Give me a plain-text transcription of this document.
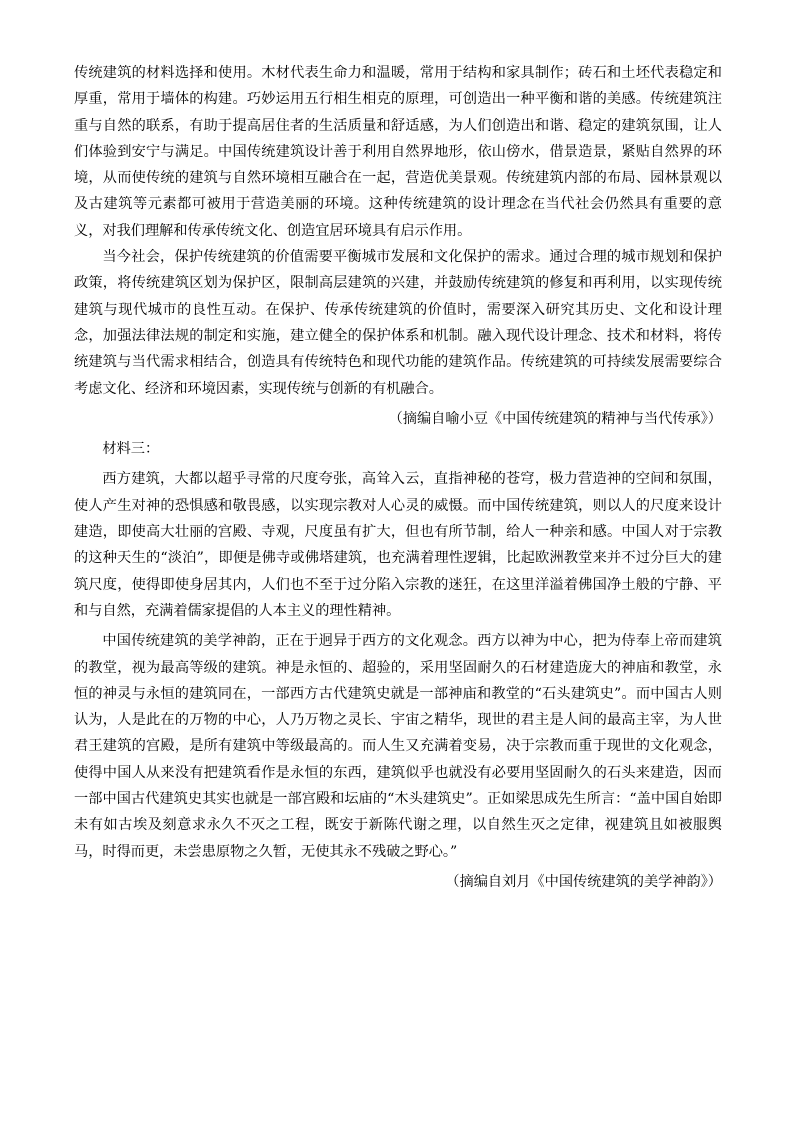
传统建筑的材料选择和使用。木材代表生命力和温暖，常用于结构和家具制作；砖石和土坯代表稳定和厚重，常用于墙体的构建。巧妙运用五行相生相克的原理，可创造出一种平衡和谐的美感。传统建筑注重与自然的联系，有助于提高居住者的生活质量和舒适感，为人们创造出和谐、稳定的建筑氛围，让人们体验到安宁与满足。中国传统建筑设计善于利用自然界地形，依山傍水，借景造景，紧贴自然界的环境，从而使传统的建筑与自然环境相互融合在一起，营造优美景观。传统建筑内部的布局、园林景观以及古建筑等元素都可被用于营造美丽的环境。这种传统建筑的设计理念在当代社会仍然具有重要的意义，对我们理解和传承传统文化、创造宜居环境具有启示作用。

当今社会，保护传统建筑的价值需要平衡城市发展和文化保护的需求。通过合理的城市规划和保护政策，将传统建筑区划为保护区，限制高层建筑的兴建，并鼓励传统建筑的修复和再利用，以实现传统建筑与现代城市的良性互动。在保护、传承传统建筑的价值时，需要深入研究其历史、文化和设计理念，加强法律法规的制定和实施，建立健全的保护体系和机制。融入现代设计理念、技术和材料，将传统建筑与当代需求相结合，创造具有传统特色和现代功能的建筑作品。传统建筑的可持续发展需要综合考虑文化、经济和环境因素，实现传统与创新的有机融合。

（摘编自喻小豆《中国传统建筑的精神与当代传承》）

材料三：

西方建筑，大都以超乎寻常的尺度夸张，高耸入云，直指神秘的苍穹，极力营造神的空间和氛围，使人产生对神的恐惧感和敬畏感，以实现宗教对人心灵的威慑。而中国传统建筑，则以人的尺度来设计建造，即使高大壮丽的宫殿、寺观，尺度虽有扩大，但也有所节制，给人一种亲和感。中国人对于宗教的这种天生的“淡泊”，即便是佛寺或佛塔建筑，也充满着理性逻辑，比起欧洲教堂来并不过分巨大的建筑尺度，使得即使身居其内，人们也不至于过分陷入宗教的迷狂，在这里洋溢着佛国净土般的宁静、平和与自然，充满着儒家提倡的人本主义的理性精神。

中国传统建筑的美学神韵，正在于迥异于西方的文化观念。西方以神为中心，把为侍奉上帝而建筑的教堂，视为最高等级的建筑。神是永恒的、超验的，采用坚固耐久的石材建造庞大的神庙和教堂，永恒的神灵与永恒的建筑同在，一部西方古代建筑史就是一部神庙和教堂的“石头建筑史”。而中国古人则认为，人是此在的万物的中心，人乃万物之灵长、宇宙之精华，现世的君主是人间的最高主宰，为人世君王建筑的宫殿，是所有建筑中等级最高的。而人生又充满着变易，决于宗教而重于现世的文化观念，使得中国人从来没有把建筑看作是永恒的东西，建筑似乎也就没有必要用坚固耐久的石头来建造，因而一部中国古代建筑史其实也就是一部宫殿和坛庙的“木头建筑史”。正如梁思成先生所言：“盖中国自始即未有如古埃及刻意求永久不灭之工程，既安于新陈代谢之理，以自然生灭之定律，视建筑且如被服舆马，时得而更，未尝患原物之久暂，无使其永不残破之野心。”

（摘编自刘月《中国传统建筑的美学神韵》）
